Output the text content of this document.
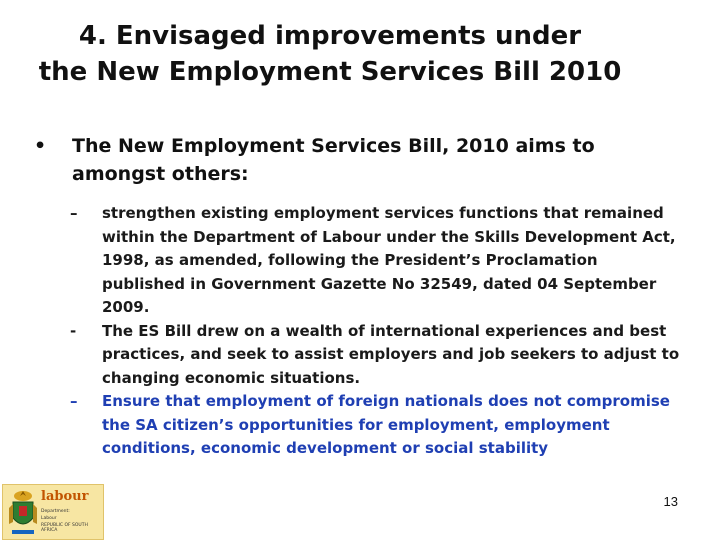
4. Envisaged improvements under
the New Employment Services Bill 2010
•	The New Employment Services Bill, 2010 aims to amongst others:
–	strengthen existing employment services functions that remained within the Department of Labour under the Skills Development Act, 1998, as amended, following the President’s Proclamation published in Government Gazette No 32549, dated 04 September 2009.
-	The ES Bill drew on a wealth of international experiences and best practices, and seek to assist employers and job seekers to adjust to changing economic situations.
–	Ensure that employment of foreign nationals does not compromise the SA citizen’s opportunities for employment, employment conditions, economic development or social stability
labour
Department:
Labour
REPUBLIC OF SOUTH AFRICA
13
